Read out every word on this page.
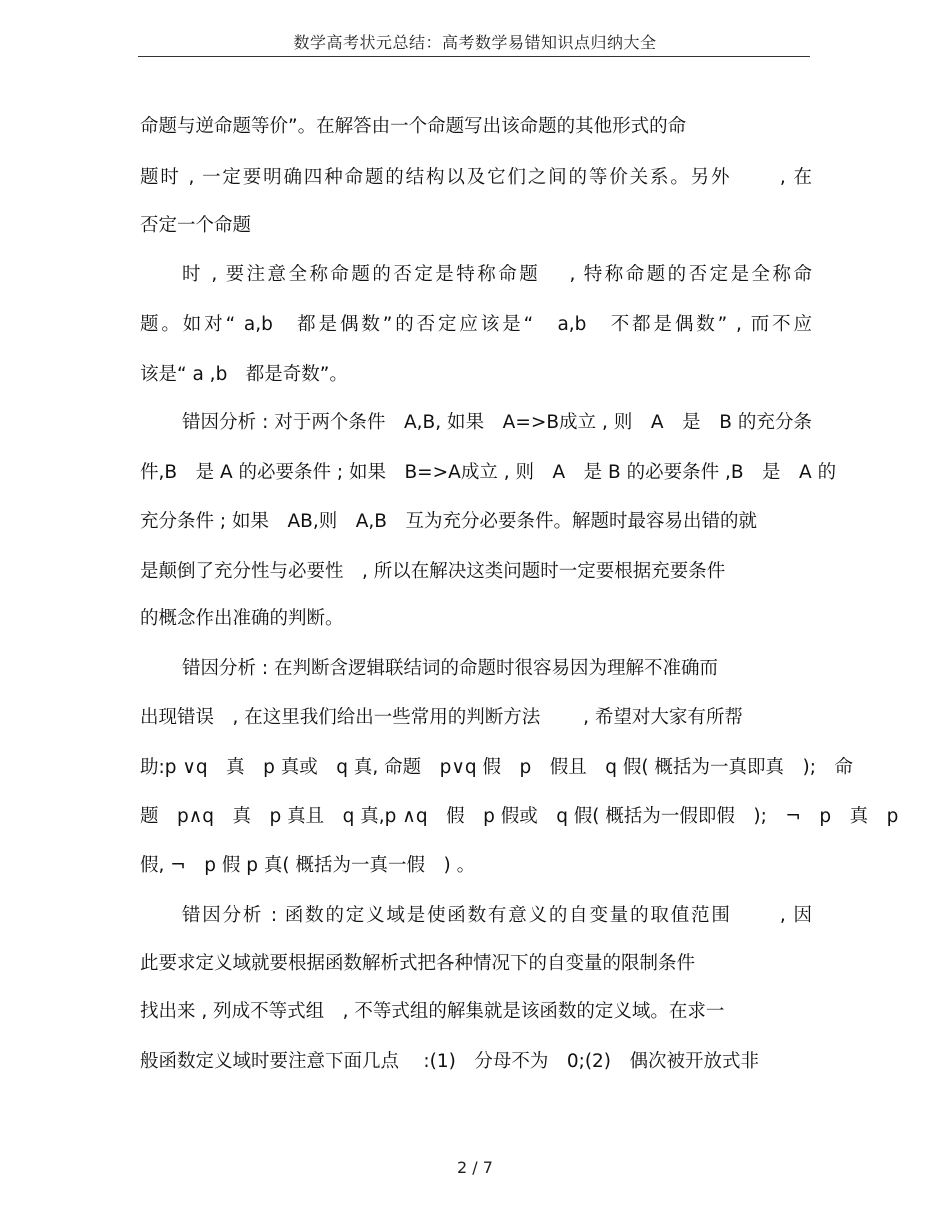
数学高考状元总结：高考数学易错知识点归纳大全
命题与逆命题等价”。在解答由一个命题写出该命题的其他形式的命
题时 , 一定要明确四种命题的结构以及它们之间的等价关系。另外　　 , 在
否定一个命题
时 , 要注意全称命题的否定是特称命题　 , 特称命题的否定是全称命
题。如对“ a,b　都是偶数”的否定应该是“　a,b　不都是偶数” , 而不应
该是“ a ,b　都是奇数”。
错因分析 : 对于两个条件　A,B, 如果　A=>B成立 , 则　A　是　B 的充分条
件,B　是 A 的必要条件 ; 如果　B=>A成立 , 则　A　是 B 的必要条件 ,B　是　A 的
充分条件 ; 如果　AB,则　A,B　互为充分必要条件。解题时最容易出错的就
是颠倒了充分性与必要性　, 所以在解决这类问题时一定要根据充要条件
的概念作出准确的判断。
错因分析 : 在判断含逻辑联结词的命题时很容易因为理解不准确而
出现错误　, 在这里我们给出一些常用的判断方法　　 , 希望对大家有所帮
助:p ∨q　真　p 真或　q 真, 命题　p∨q 假　p　假且　q 假( 概括为一真即真　);　命
题　p∧q　真　p 真且　q 真,p ∧q　假　p 假或　q 假( 概括为一假即假　);　¬　p　真　p
假, ¬　p 假 p 真( 概括为一真一假　) 。
错因分析 : 函数的定义域是使函数有意义的自变量的取值范围　　 , 因
此要求定义域就要根据函数解析式把各种情况下的自变量的限制条件
找出来 , 列成不等式组　, 不等式组的解集就是该函数的定义域。在求一
般函数定义域时要注意下面几点　 :(1)　分母不为　0;(2)　偶次被开放式非
2 / 7
